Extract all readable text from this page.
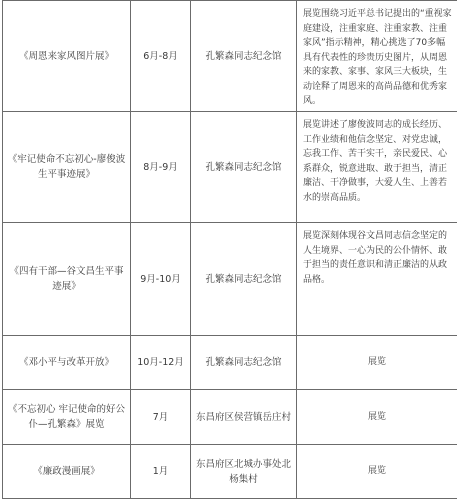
《周恩来家风图片展》	6月-8月	孔繁森同志纪念馆	展览围绕习近平总书记提出的“重视家庭建设，注重家庭、注重家教、注重家风”指示精神，精心挑选了70多幅具有代表性的珍贵历史图片，从周恩来的家教、家事、家风三大板块，生动诠释了周恩来的高尚品德和优秀家风。
《牢记使命不忘初心-廖俊波生平事迹展》	8月-9月	孔繁森同志纪念馆	展览讲述了廖俊波同志的成长经历、工作业绩和他信念坚定、对党忠诚，忘我工作、苦干实干，亲民爱民、心系群众，锐意进取、敢于担当，清正廉洁、干净做事，大爱人生、上善若水的崇高品质。
《四有干部—谷文昌生平事迹展》	9月-10月	孔繁森同志纪念馆	展览深刻体现谷文昌同志信念坚定的人生境界、一心为民的公仆情怀、敢于担当的责任意识和清正廉洁的从政品格。
《邓小平与改革开放》	10月-12月	孔繁森同志纪念馆	展览
《不忘初心 牢记使命的好公仆—孔繁森》展览	7月	东昌府区侯营镇岳庄村	展览
《廉政漫画展》	1月	东昌府区北城办事处北杨集村	展览
